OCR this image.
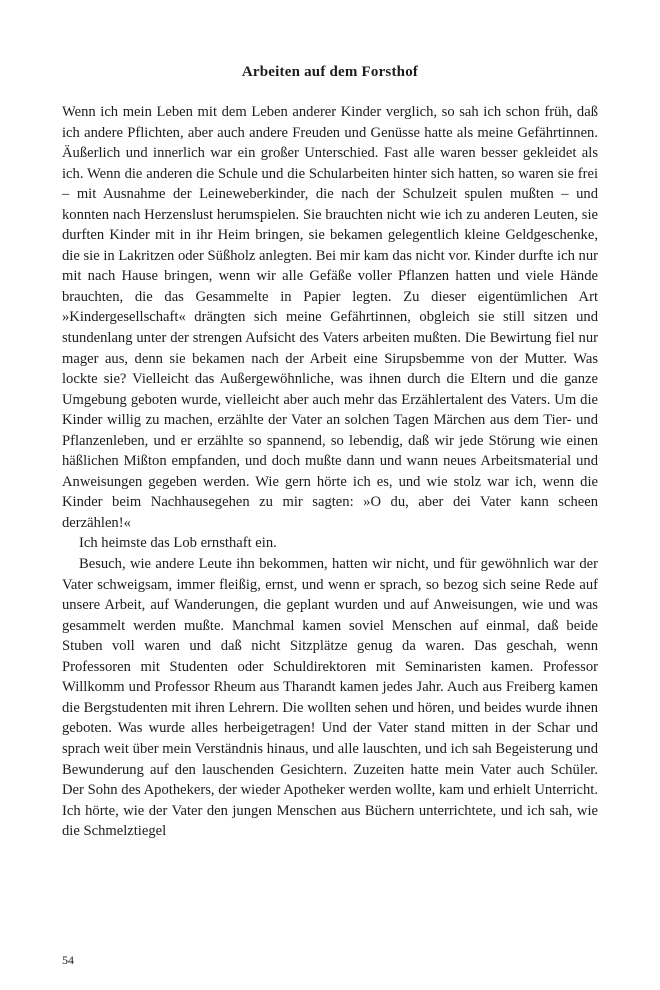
Arbeiten auf dem Forsthof

Wenn ich mein Leben mit dem Leben anderer Kinder verglich, so sah ich schon früh, daß ich andere Pflichten, aber auch andere Freuden und Genüsse hatte als meine Gefährtinnen. Äußerlich und innerlich war ein großer Unterschied. Fast alle waren besser gekleidet als ich. Wenn die anderen die Schule und die Schularbeiten hinter sich hatten, so waren sie frei – mit Ausnahme der Leineweberkinder, die nach der Schulzeit spulen mußten – und konnten nach Herzenslust herumspielen. Sie brauchten nicht wie ich zu anderen Leuten, sie durften Kinder mit in ihr Heim bringen, sie bekamen gelegentlich kleine Geldgeschenke, die sie in Lakritzen oder Süßholz anlegten. Bei mir kam das nicht vor. Kinder durfte ich nur mit nach Hause bringen, wenn wir alle Gefäße voller Pflanzen hatten und viele Hände brauchten, die das Gesammelte in Papier legten. Zu dieser eigentümlichen Art »Kindergesellschaft« drängten sich meine Gefährtinnen, obgleich sie still sitzen und stundenlang unter der strengen Aufsicht des Vaters arbeiten mußten. Die Bewirtung fiel nur mager aus, denn sie bekamen nach der Arbeit eine Sirupsbemme von der Mutter. Was lockte sie? Vielleicht das Außergewöhnliche, was ihnen durch die Eltern und die ganze Umgebung geboten wurde, vielleicht aber auch mehr das Erzählertalent des Vaters. Um die Kinder willig zu machen, erzählte der Vater an solchen Tagen Märchen aus dem Tier- und Pflanzenleben, und er erzählte so spannend, so lebendig, daß wir jede Störung wie einen häßlichen Mißton empfanden, und doch mußte dann und wann neues Arbeitsmaterial und Anweisungen gegeben werden. Wie gern hörte ich es, und wie stolz war ich, wenn die Kinder beim Nachhausegehen zu mir sagten: »O du, aber dei Vater kann scheen derzählen!«

Ich heimste das Lob ernsthaft ein.

Besuch, wie andere Leute ihn bekommen, hatten wir nicht, und für gewöhnlich war der Vater schweigsam, immer fleißig, ernst, und wenn er sprach, so bezog sich seine Rede auf unsere Arbeit, auf Wanderungen, die geplant wurden und auf Anweisungen, wie und was gesammelt werden mußte. Manchmal kamen soviel Menschen auf einmal, daß beide Stuben voll waren und daß nicht Sitzplätze genug da waren. Das geschah, wenn Professoren mit Studenten oder Schuldirektoren mit Seminaristen kamen. Professor Willkomm und Professor Rheum aus Tharandt kamen jedes Jahr. Auch aus Freiberg kamen die Bergstudenten mit ihren Lehrern. Die wollten sehen und hören, und beides wurde ihnen geboten. Was wurde alles herbeigetragen! Und der Vater stand mitten in der Schar und sprach weit über mein Verständnis hinaus, und alle lauschten, und ich sah Begeisterung und Bewunderung auf den lauschenden Gesichtern. Zuzeiten hatte mein Vater auch Schüler. Der Sohn des Apothekers, der wieder Apotheker werden wollte, kam und erhielt Unterricht. Ich hörte, wie der Vater den jungen Menschen aus Büchern unterrichtete, und ich sah, wie die Schmelztiegel

54
